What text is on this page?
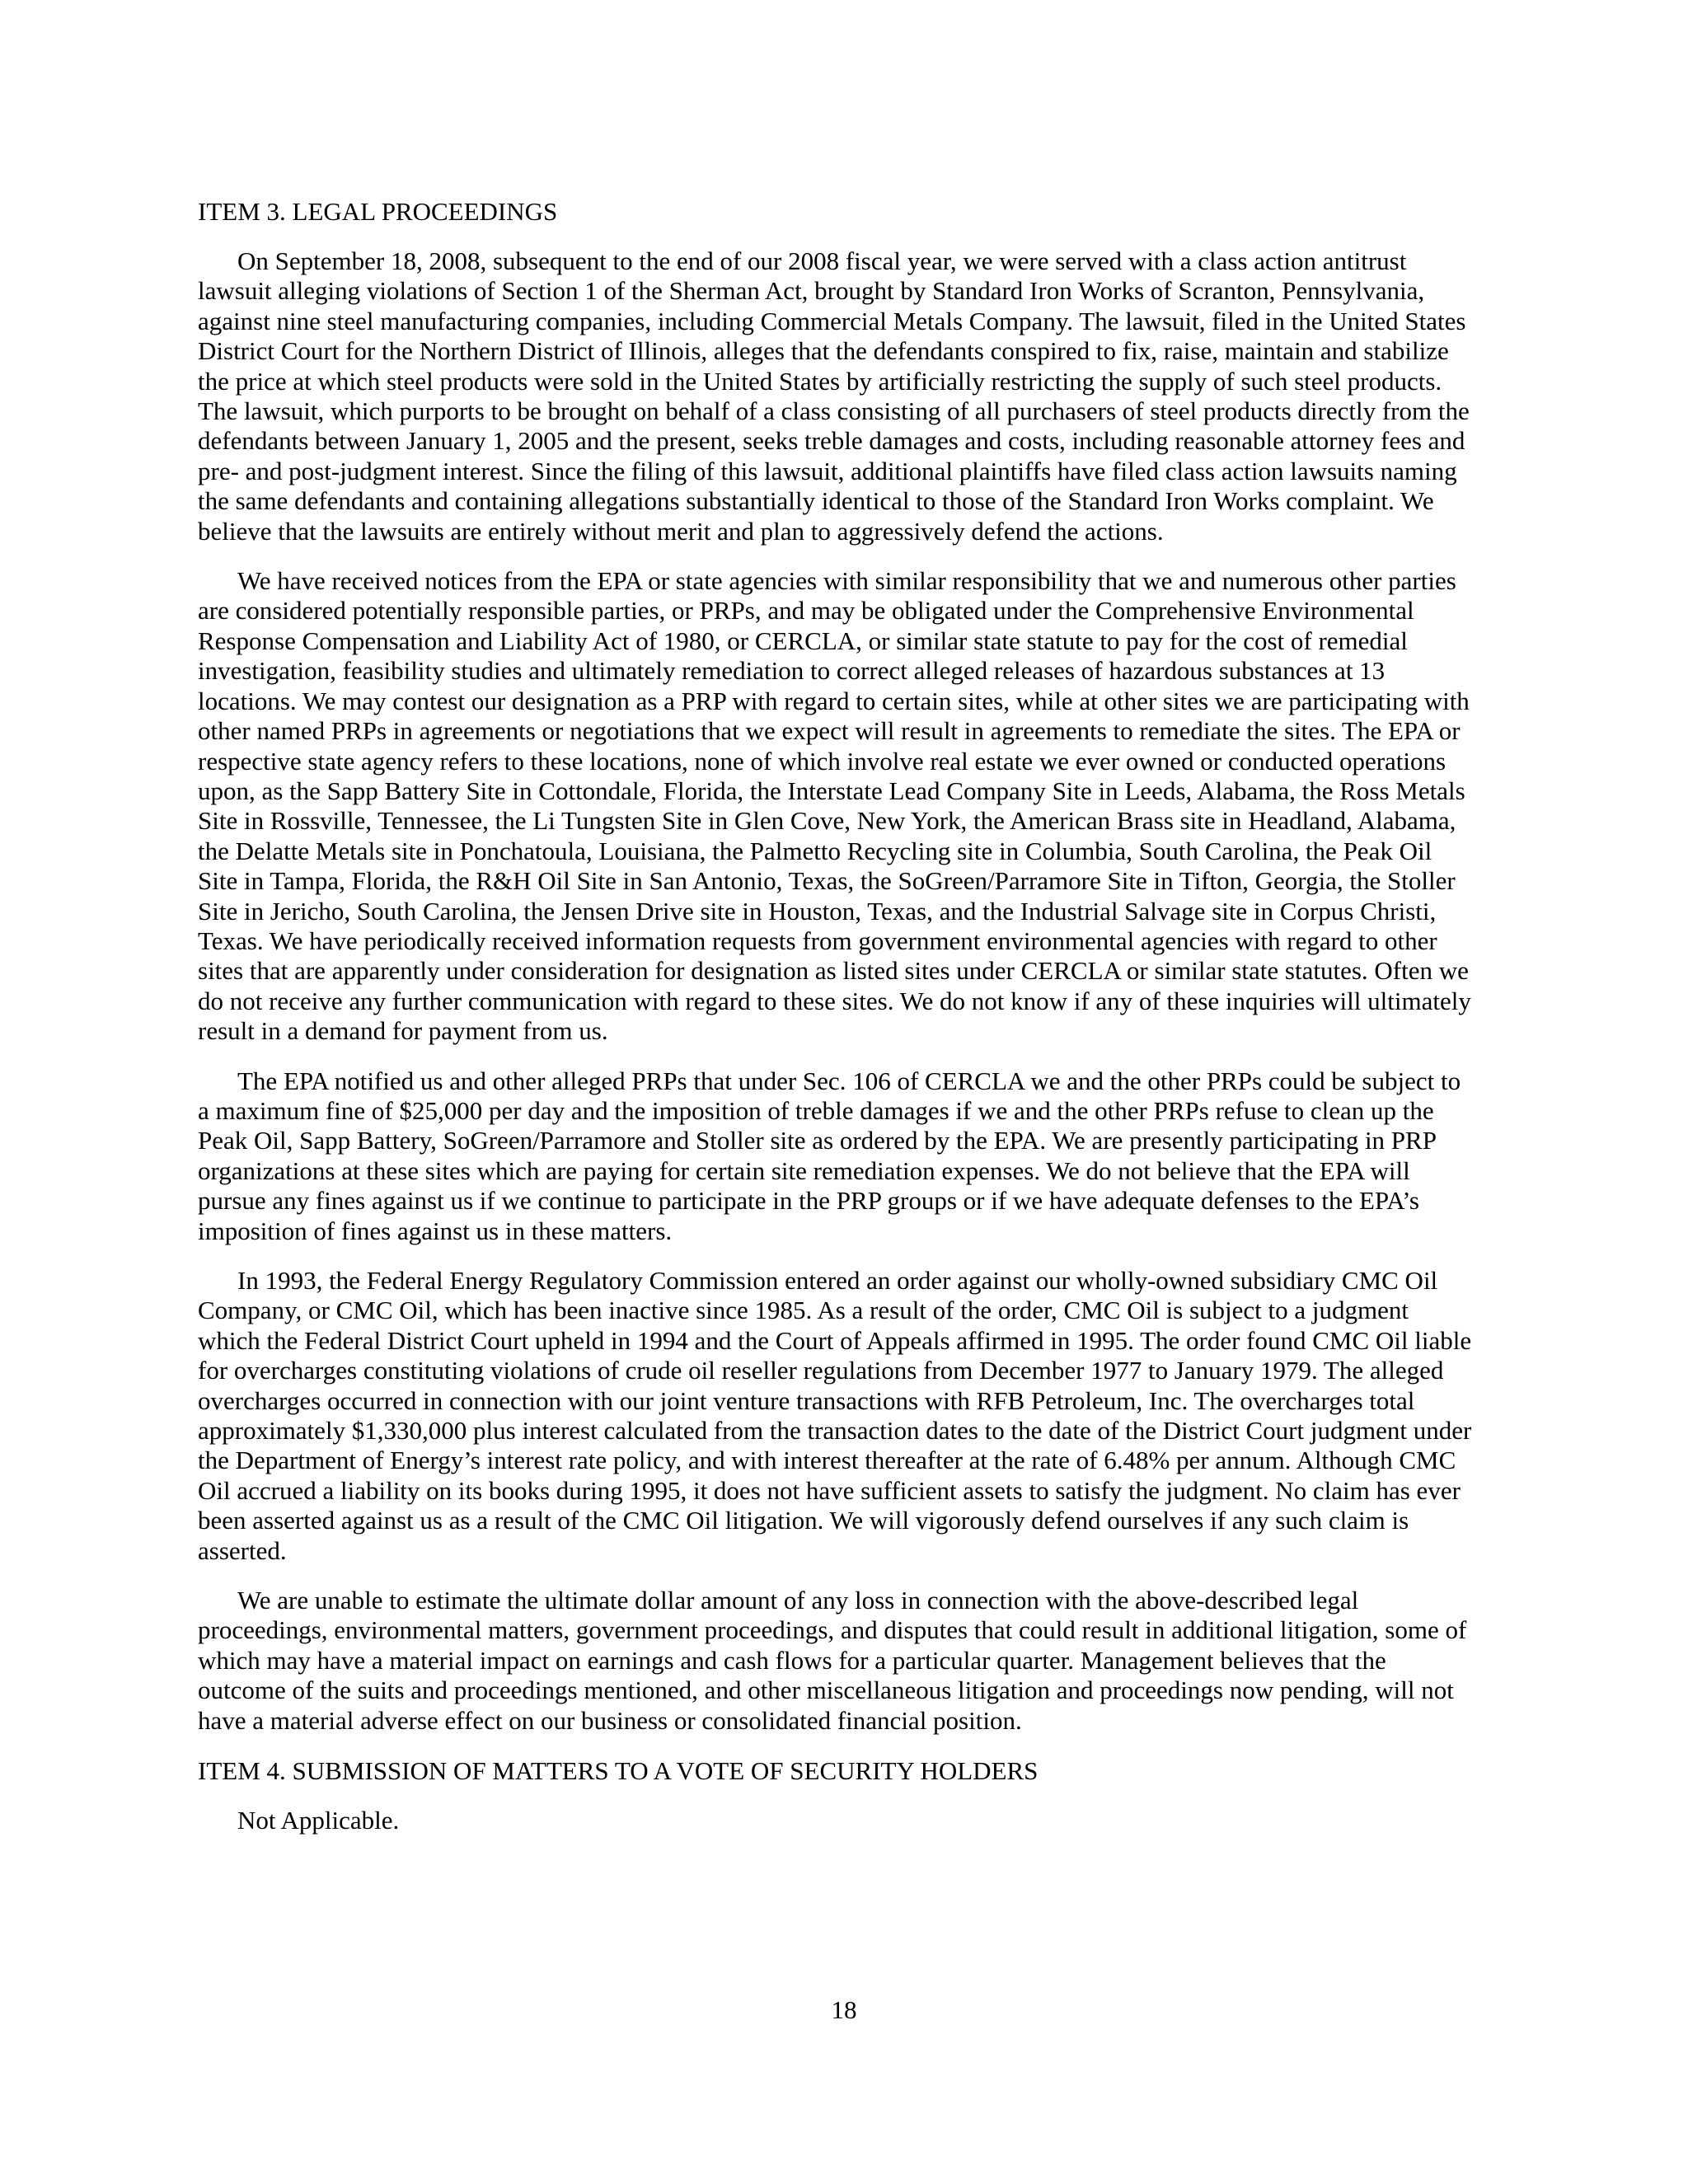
ITEM 3. LEGAL PROCEEDINGS

On September 18, 2008, subsequent to the end of our 2008 fiscal year, we were served with a class action antitrust lawsuit alleging violations of Section 1 of the Sherman Act, brought by Standard Iron Works of Scranton, Pennsylvania, against nine steel manufacturing companies, including Commercial Metals Company. The lawsuit, filed in the United States District Court for the Northern District of Illinois, alleges that the defendants conspired to fix, raise, maintain and stabilize the price at which steel products were sold in the United States by artificially restricting the supply of such steel products. The lawsuit, which purports to be brought on behalf of a class consisting of all purchasers of steel products directly from the defendants between January 1, 2005 and the present, seeks treble damages and costs, including reasonable attorney fees and pre- and post-judgment interest. Since the filing of this lawsuit, additional plaintiffs have filed class action lawsuits naming the same defendants and containing allegations substantially identical to those of the Standard Iron Works complaint. We believe that the lawsuits are entirely without merit and plan to aggressively defend the actions.

We have received notices from the EPA or state agencies with similar responsibility that we and numerous other parties are considered potentially responsible parties, or PRPs, and may be obligated under the Comprehensive Environmental Response Compensation and Liability Act of 1980, or CERCLA, or similar state statute to pay for the cost of remedial investigation, feasibility studies and ultimately remediation to correct alleged releases of hazardous substances at 13 locations. We may contest our designation as a PRP with regard to certain sites, while at other sites we are participating with other named PRPs in agreements or negotiations that we expect will result in agreements to remediate the sites. The EPA or respective state agency refers to these locations, none of which involve real estate we ever owned or conducted operations upon, as the Sapp Battery Site in Cottondale, Florida, the Interstate Lead Company Site in Leeds, Alabama, the Ross Metals Site in Rossville, Tennessee, the Li Tungsten Site in Glen Cove, New York, the American Brass site in Headland, Alabama, the Delatte Metals site in Ponchatoula, Louisiana, the Palmetto Recycling site in Columbia, South Carolina, the Peak Oil Site in Tampa, Florida, the R&H Oil Site in San Antonio, Texas, the SoGreen/Parramore Site in Tifton, Georgia, the Stoller Site in Jericho, South Carolina, the Jensen Drive site in Houston, Texas, and the Industrial Salvage site in Corpus Christi, Texas. We have periodically received information requests from government environmental agencies with regard to other sites that are apparently under consideration for designation as listed sites under CERCLA or similar state statutes. Often we do not receive any further communication with regard to these sites. We do not know if any of these inquiries will ultimately result in a demand for payment from us.

The EPA notified us and other alleged PRPs that under Sec. 106 of CERCLA we and the other PRPs could be subject to a maximum fine of $25,000 per day and the imposition of treble damages if we and the other PRPs refuse to clean up the Peak Oil, Sapp Battery, SoGreen/Parramore and Stoller site as ordered by the EPA. We are presently participating in PRP organizations at these sites which are paying for certain site remediation expenses. We do not believe that the EPA will pursue any fines against us if we continue to participate in the PRP groups or if we have adequate defenses to the EPA’s imposition of fines against us in these matters.

In 1993, the Federal Energy Regulatory Commission entered an order against our wholly-owned subsidiary CMC Oil Company, or CMC Oil, which has been inactive since 1985. As a result of the order, CMC Oil is subject to a judgment which the Federal District Court upheld in 1994 and the Court of Appeals affirmed in 1995. The order found CMC Oil liable for overcharges constituting violations of crude oil reseller regulations from December 1977 to January 1979. The alleged overcharges occurred in connection with our joint venture transactions with RFB Petroleum, Inc. The overcharges total approximately $1,330,000 plus interest calculated from the transaction dates to the date of the District Court judgment under the Department of Energy’s interest rate policy, and with interest thereafter at the rate of 6.48% per annum. Although CMC Oil accrued a liability on its books during 1995, it does not have sufficient assets to satisfy the judgment. No claim has ever been asserted against us as a result of the CMC Oil litigation. We will vigorously defend ourselves if any such claim is asserted.

We are unable to estimate the ultimate dollar amount of any loss in connection with the above-described legal proceedings, environmental matters, government proceedings, and disputes that could result in additional litigation, some of which may have a material impact on earnings and cash flows for a particular quarter. Management believes that the outcome of the suits and proceedings mentioned, and other miscellaneous litigation and proceedings now pending, will not have a material adverse effect on our business or consolidated financial position.

ITEM 4. SUBMISSION OF MATTERS TO A VOTE OF SECURITY HOLDERS

Not Applicable.

18
